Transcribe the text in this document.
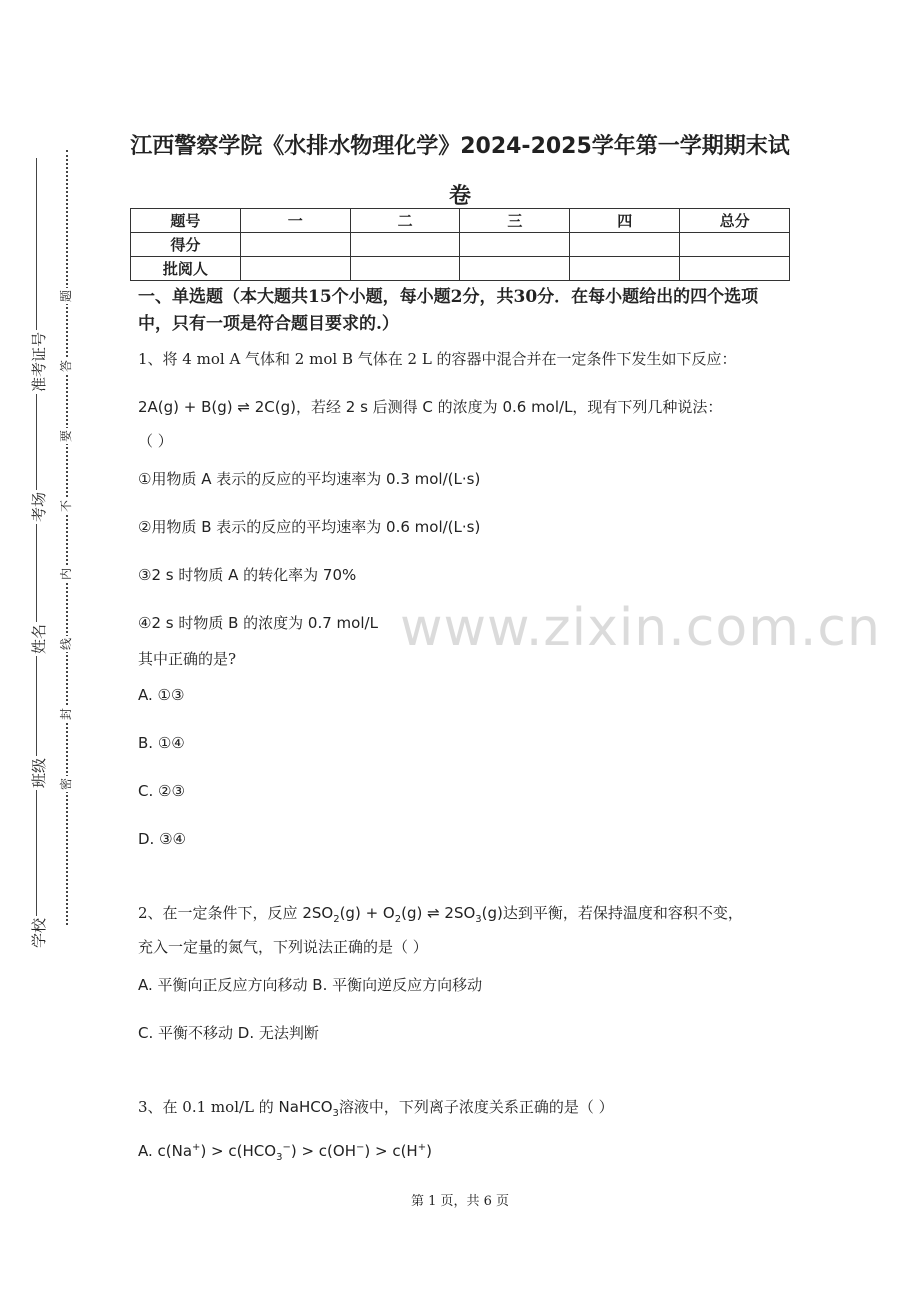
准考证号
考场
姓名
班级
学校
题
答
要
不
内
线
封
密
江西警察学院《水排水物理化学》2024-2025学年第一学期期末试
卷
题号	一	二	三	四	总分
得分					
批阅人					
一、单选题（本大题共15个小题，每小题2分，共30分．在每小题给出的四个选项中，只有一项是符合题目要求的.）
1、将 4 mol A 气体和 2 mol B 气体在 2 L 的容器中混合并在一定条件下发生如下反应：
2A(g) + B(g) ⇌ 2C(g)，若经 2 s 后测得 C 的浓度为 0.6 mol/L，现有下列几种说法：
（ ）
①用物质 A 表示的反应的平均速率为 0.3 mol/(L·s)
②用物质 B 表示的反应的平均速率为 0.6 mol/(L·s)
③2 s 时物质 A 的转化率为 70%
④2 s 时物质 B 的浓度为 0.7 mol/L
其中正确的是?
A. ①③
B. ①④
C. ②③
D. ③④
2、在一定条件下，反应 $2SO_2(g) + O_2(g)$ ⇌ $2SO_3(g)$达到平衡，若保持温度和容积不变，
充入一定量的氮气，下列说法正确的是（ ）
A. 平衡向正反应方向移动 B. 平衡向逆反应方向移动
C. 平衡不移动 D. 无法判断
3、在 0.1 mol/L 的 NaHCO$_3$溶液中，下列离子浓度关系正确的是（ ）
A. $c(Na^+) > c(HCO_3^-) > c(OH^-) > c(H^+)$
www.zixin.com.cn
第 1 页，共 6 页
